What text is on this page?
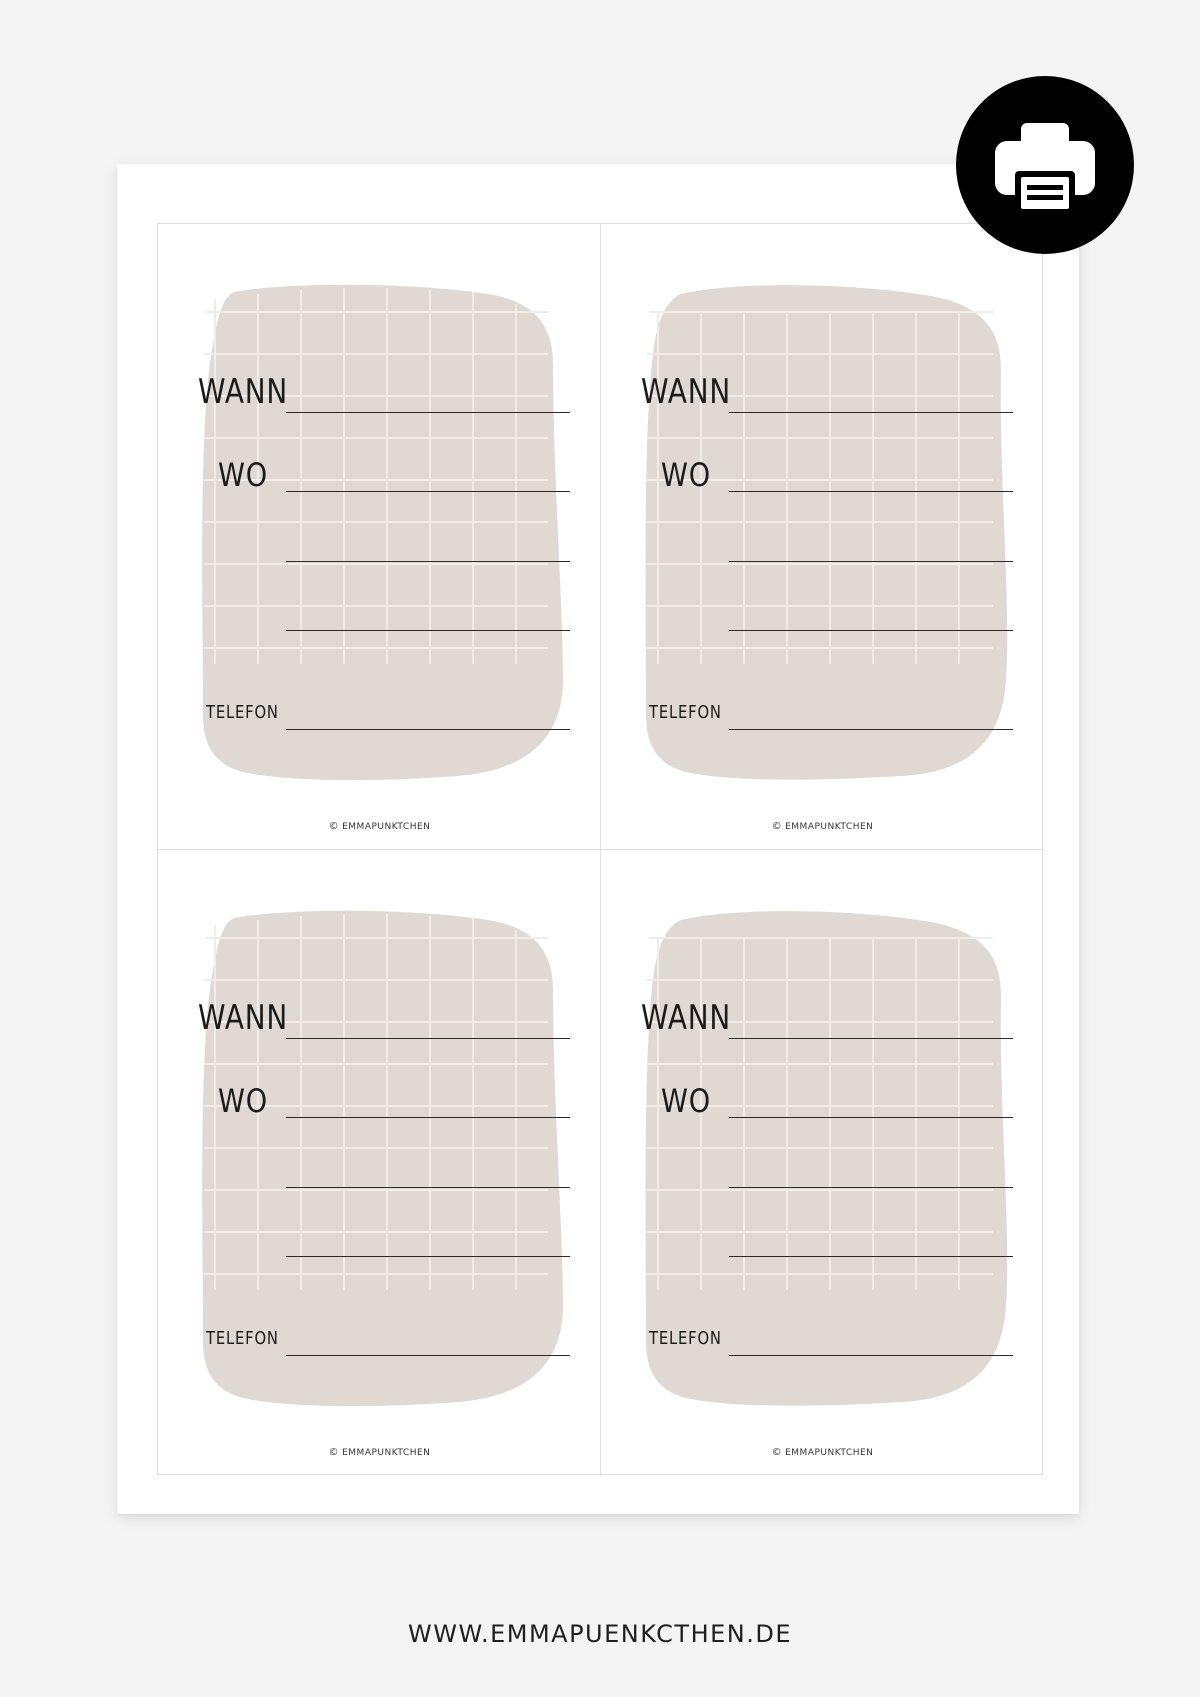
WANN
WO
TELEFON
© EMMAPUNKTCHEN
WANN
WO
TELEFON
© EMMAPUNKTCHEN
WANN
WO
TELEFON
© EMMAPUNKTCHEN
WANN
WO
TELEFON
© EMMAPUNKTCHEN
WWW.EMMAPUENKCTHEN.DE
